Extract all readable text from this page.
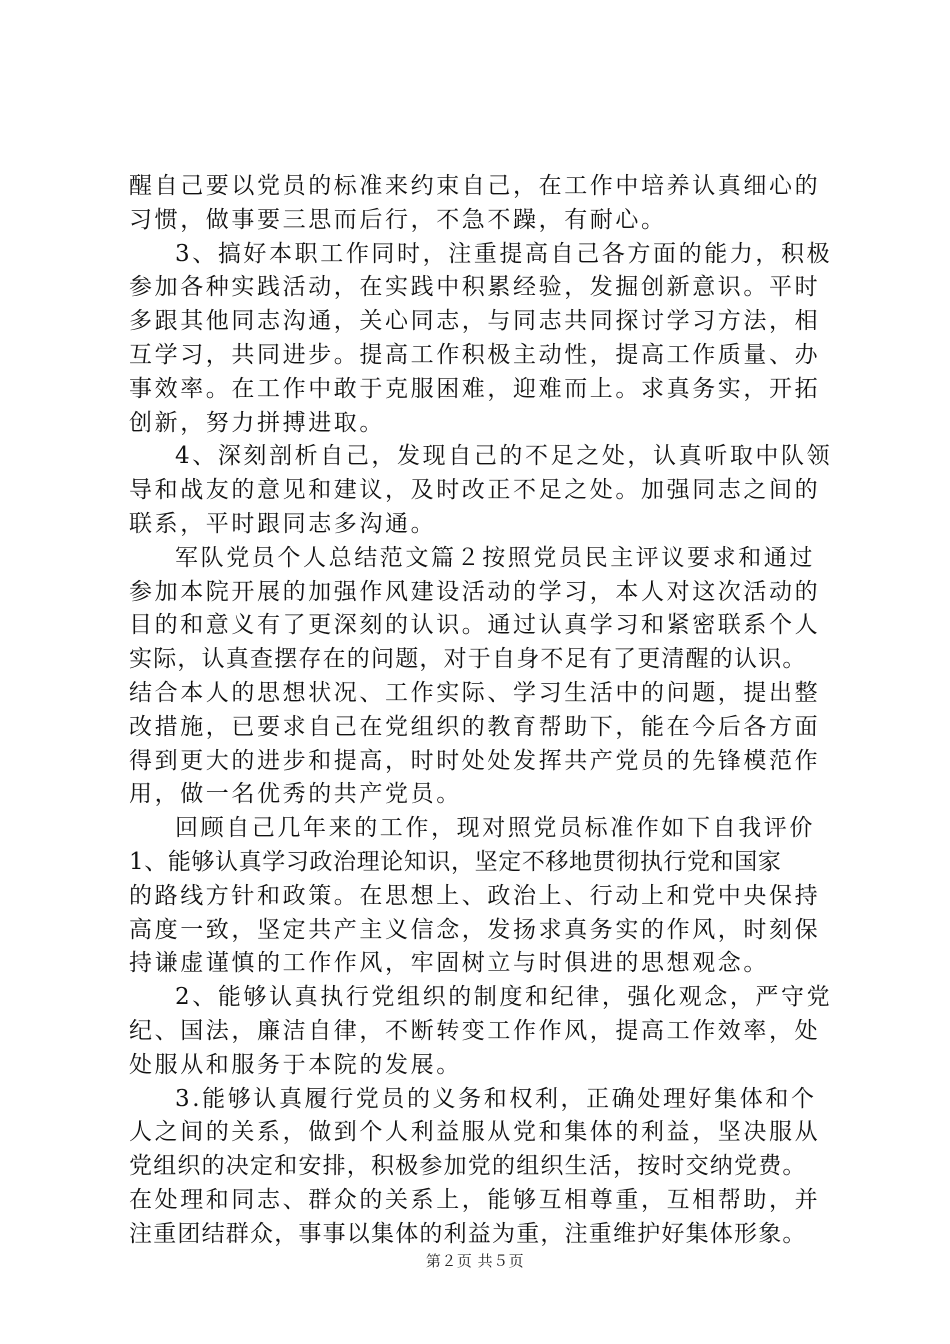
醒自己要以党员的标准来约束自己，在工作中培养认真细心的
习惯，做事要三思而后行，不急不躁，有耐心。
3、搞好本职工作同时，注重提高自己各方面的能力，积极
参加各种实践活动，在实践中积累经验，发掘创新意识。平时
多跟其他同志沟通，关心同志，与同志共同探讨学习方法，相
互学习，共同进步。提高工作积极主动性，提高工作质量、办
事效率。在工作中敢于克服困难，迎难而上。求真务实，开拓
创新，努力拼搏进取。
4、深刻剖析自己，发现自己的不足之处，认真听取中队领
导和战友的意见和建议，及时改正不足之处。加强同志之间的
联系，平时跟同志多沟通。
军队党员个人总结范文篇２按照党员民主评议要求和通过
参加本院开展的加强作风建设活动的学习，本人对这次活动的
目的和意义有了更深刻的认识。通过认真学习和紧密联系个人
实际，认真查摆存在的问题，对于自身不足有了更清醒的认识。
结合本人的思想状况、工作实际、学习生活中的问题，提出整
改措施，已要求自己在党组织的教育帮助下，能在今后各方面
得到更大的进步和提高，时时处处发挥共产党员的先锋模范作
用，做一名优秀的共产党员。
回顾自己几年来的工作，现对照党员标准作如下自我评价
1、能够认真学习政治理论知识，坚定不移地贯彻执行党和国家
的路线方针和政策。在思想上、政治上、行动上和党中央保持
高度一致，坚定共产主义信念，发扬求真务实的作风，时刻保
持谦虚谨慎的工作作风，牢固树立与时俱进的思想观念。
2、能够认真执行党组织的制度和纪律，强化观念，严守党
纪、国法，廉洁自律，不断转变工作作风，提高工作效率，处
处服从和服务于本院的发展。
3.能够认真履行党员的义务和权利，正确处理好集体和个
人之间的关系，做到个人利益服从党和集体的利益，坚决服从
党组织的决定和安排，积极参加党的组织生活，按时交纳党费。
在处理和同志、群众的关系上，能够互相尊重，互相帮助，并
注重团结群众，事事以集体的利益为重，注重维护好集体形象。
第２页 共５页
